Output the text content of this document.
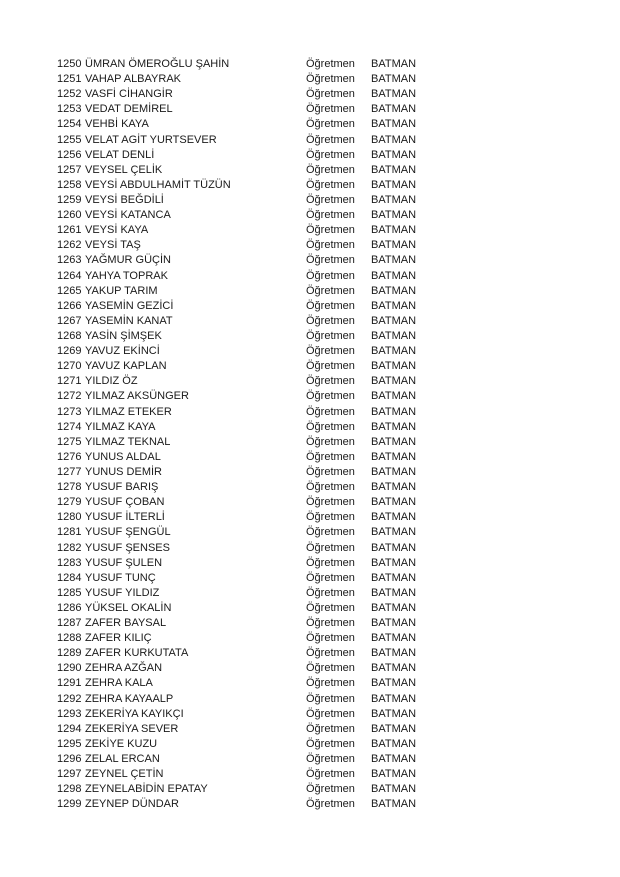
1250 ÜMRAN ÖMEROĞLU ŞAHİN	Öğretmen BATMAN
1251 VAHAP ALBAYRAK	Öğretmen BATMAN
1252 VASFİ CİHANGİR	Öğretmen BATMAN
1253 VEDAT DEMİREL	Öğretmen BATMAN
1254 VEHBİ KAYA	Öğretmen BATMAN
1255 VELAT AGİT YURTSEVER	Öğretmen BATMAN
1256 VELAT DENLİ	Öğretmen BATMAN
1257 VEYSEL ÇELİK	Öğretmen BATMAN
1258 VEYSİ ABDULHAMİT TÜZÜN	Öğretmen BATMAN
1259 VEYSİ BEĞDİLİ	Öğretmen BATMAN
1260 VEYSİ KATANCA	Öğretmen BATMAN
1261 VEYSİ KAYA	Öğretmen BATMAN
1262 VEYSİ TAŞ	Öğretmen BATMAN
1263 YAĞMUR GÜÇİN	Öğretmen BATMAN
1264 YAHYA TOPRAK	Öğretmen BATMAN
1265 YAKUP TARIM	Öğretmen BATMAN
1266 YASEMİN GEZİCİ	Öğretmen BATMAN
1267 YASEMİN KANAT	Öğretmen BATMAN
1268 YASİN ŞİMŞEK	Öğretmen BATMAN
1269 YAVUZ EKİNCİ	Öğretmen BATMAN
1270 YAVUZ KAPLAN	Öğretmen BATMAN
1271 YILDIZ ÖZ	Öğretmen BATMAN
1272 YILMAZ AKSÜNGER	Öğretmen BATMAN
1273 YILMAZ ETEKER	Öğretmen BATMAN
1274 YILMAZ KAYA	Öğretmen BATMAN
1275 YILMAZ TEKNAL	Öğretmen BATMAN
1276 YUNUS ALDAL	Öğretmen BATMAN
1277 YUNUS DEMİR	Öğretmen BATMAN
1278 YUSUF BARIŞ	Öğretmen BATMAN
1279 YUSUF ÇOBAN	Öğretmen BATMAN
1280 YUSUF İLTERLİ	Öğretmen BATMAN
1281 YUSUF ŞENGÜL	Öğretmen BATMAN
1282 YUSUF ŞENSES	Öğretmen BATMAN
1283 YUSUF ŞULEN	Öğretmen BATMAN
1284 YUSUF TUNÇ	Öğretmen BATMAN
1285 YUSUF YILDIZ	Öğretmen BATMAN
1286 YÜKSEL OKALİN	Öğretmen BATMAN
1287 ZAFER BAYSAL	Öğretmen BATMAN
1288 ZAFER KILIÇ	Öğretmen BATMAN
1289 ZAFER KURKUTATA	Öğretmen BATMAN
1290 ZEHRA AZĞAN	Öğretmen BATMAN
1291 ZEHRA KALA	Öğretmen BATMAN
1292 ZEHRA KAYAALP	Öğretmen BATMAN
1293 ZEKERİYA KAYIKÇI	Öğretmen BATMAN
1294 ZEKERİYA SEVER	Öğretmen BATMAN
1295 ZEKİYE KUZU	Öğretmen BATMAN
1296 ZELAL ERCAN	Öğretmen BATMAN
1297 ZEYNEL ÇETİN	Öğretmen BATMAN
1298 ZEYNELABİDİN EPATAY	Öğretmen BATMAN
1299 ZEYNEP DÜNDAR	Öğretmen BATMAN
